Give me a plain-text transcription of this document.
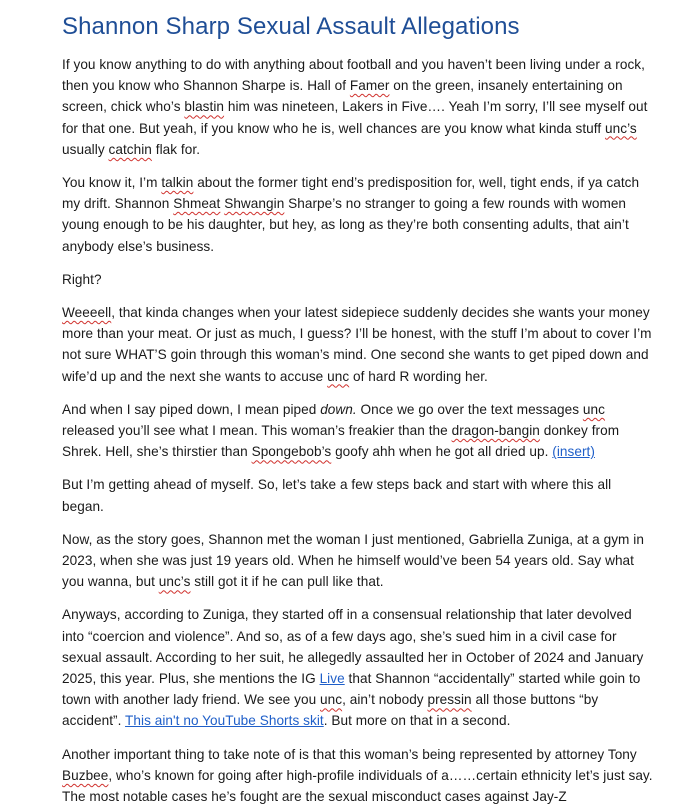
Shannon Sharp Sexual Assault Allegations

If you know anything to do with anything about football and you haven’t been living under a rock, then you know who Shannon Sharpe is. Hall of Famer on the green, insanely entertaining on screen, chick who’s blastin him was nineteen, Lakers in Five…. Yeah I’m sorry, I’ll see myself out for that one. But yeah, if you know who he is, well chances are you know what kinda stuff unc’s usually catchin flak for.

You know it, I’m talkin about the former tight end’s predisposition for, well, tight ends, if ya catch my drift. Shannon Shmeat Shwangin Sharpe’s no stranger to going a few rounds with women young enough to be his daughter, but hey, as long as they’re both consenting adults, that ain’t anybody else’s business.

Right?

Weeeell, that kinda changes when your latest sidepiece suddenly decides she wants your money more than your meat. Or just as much, I guess? I’ll be honest, with the stuff I’m about to cover I’m not sure WHAT’S goin through this woman’s mind. One second she wants to get piped down and wife’d up and the next she wants to accuse unc of hard R wording her.

And when I say piped down, I mean piped down. Once we go over the text messages unc released you’ll see what I mean. This woman’s freakier than the dragon-bangin donkey from Shrek. Hell, she’s thirstier than Spongebob’s goofy ahh when he got all dried up. (insert)

But I’m getting ahead of myself. So, let’s take a few steps back and start with where this all began.

Now, as the story goes, Shannon met the woman I just mentioned, Gabriella Zuniga, at a gym in 2023, when she was just 19 years old. When he himself would’ve been 54 years old. Say what you wanna, but unc’s still got it if he can pull like that.

Anyways, according to Zuniga, they started off in a consensual relationship that later devolved into “coercion and violence”. And so, as of a few days ago, she’s sued him in a civil case for sexual assault. According to her suit, he allegedly assaulted her in October of 2024 and January 2025, this year. Plus, she mentions the IG Live that Shannon “accidentally” started while goin to town with another lady friend. We see you unc, ain’t nobody pressin all those buttons “by accident”. This ain't no YouTube Shorts skit. But more on that in a second.

Another important thing to take note of is that this woman’s being represented by attorney Tony Buzbee, who’s known for going after high-profile individuals of a……certain ethnicity let’s just say. The most notable cases he’s fought are the sexual misconduct cases against Jay-Z
